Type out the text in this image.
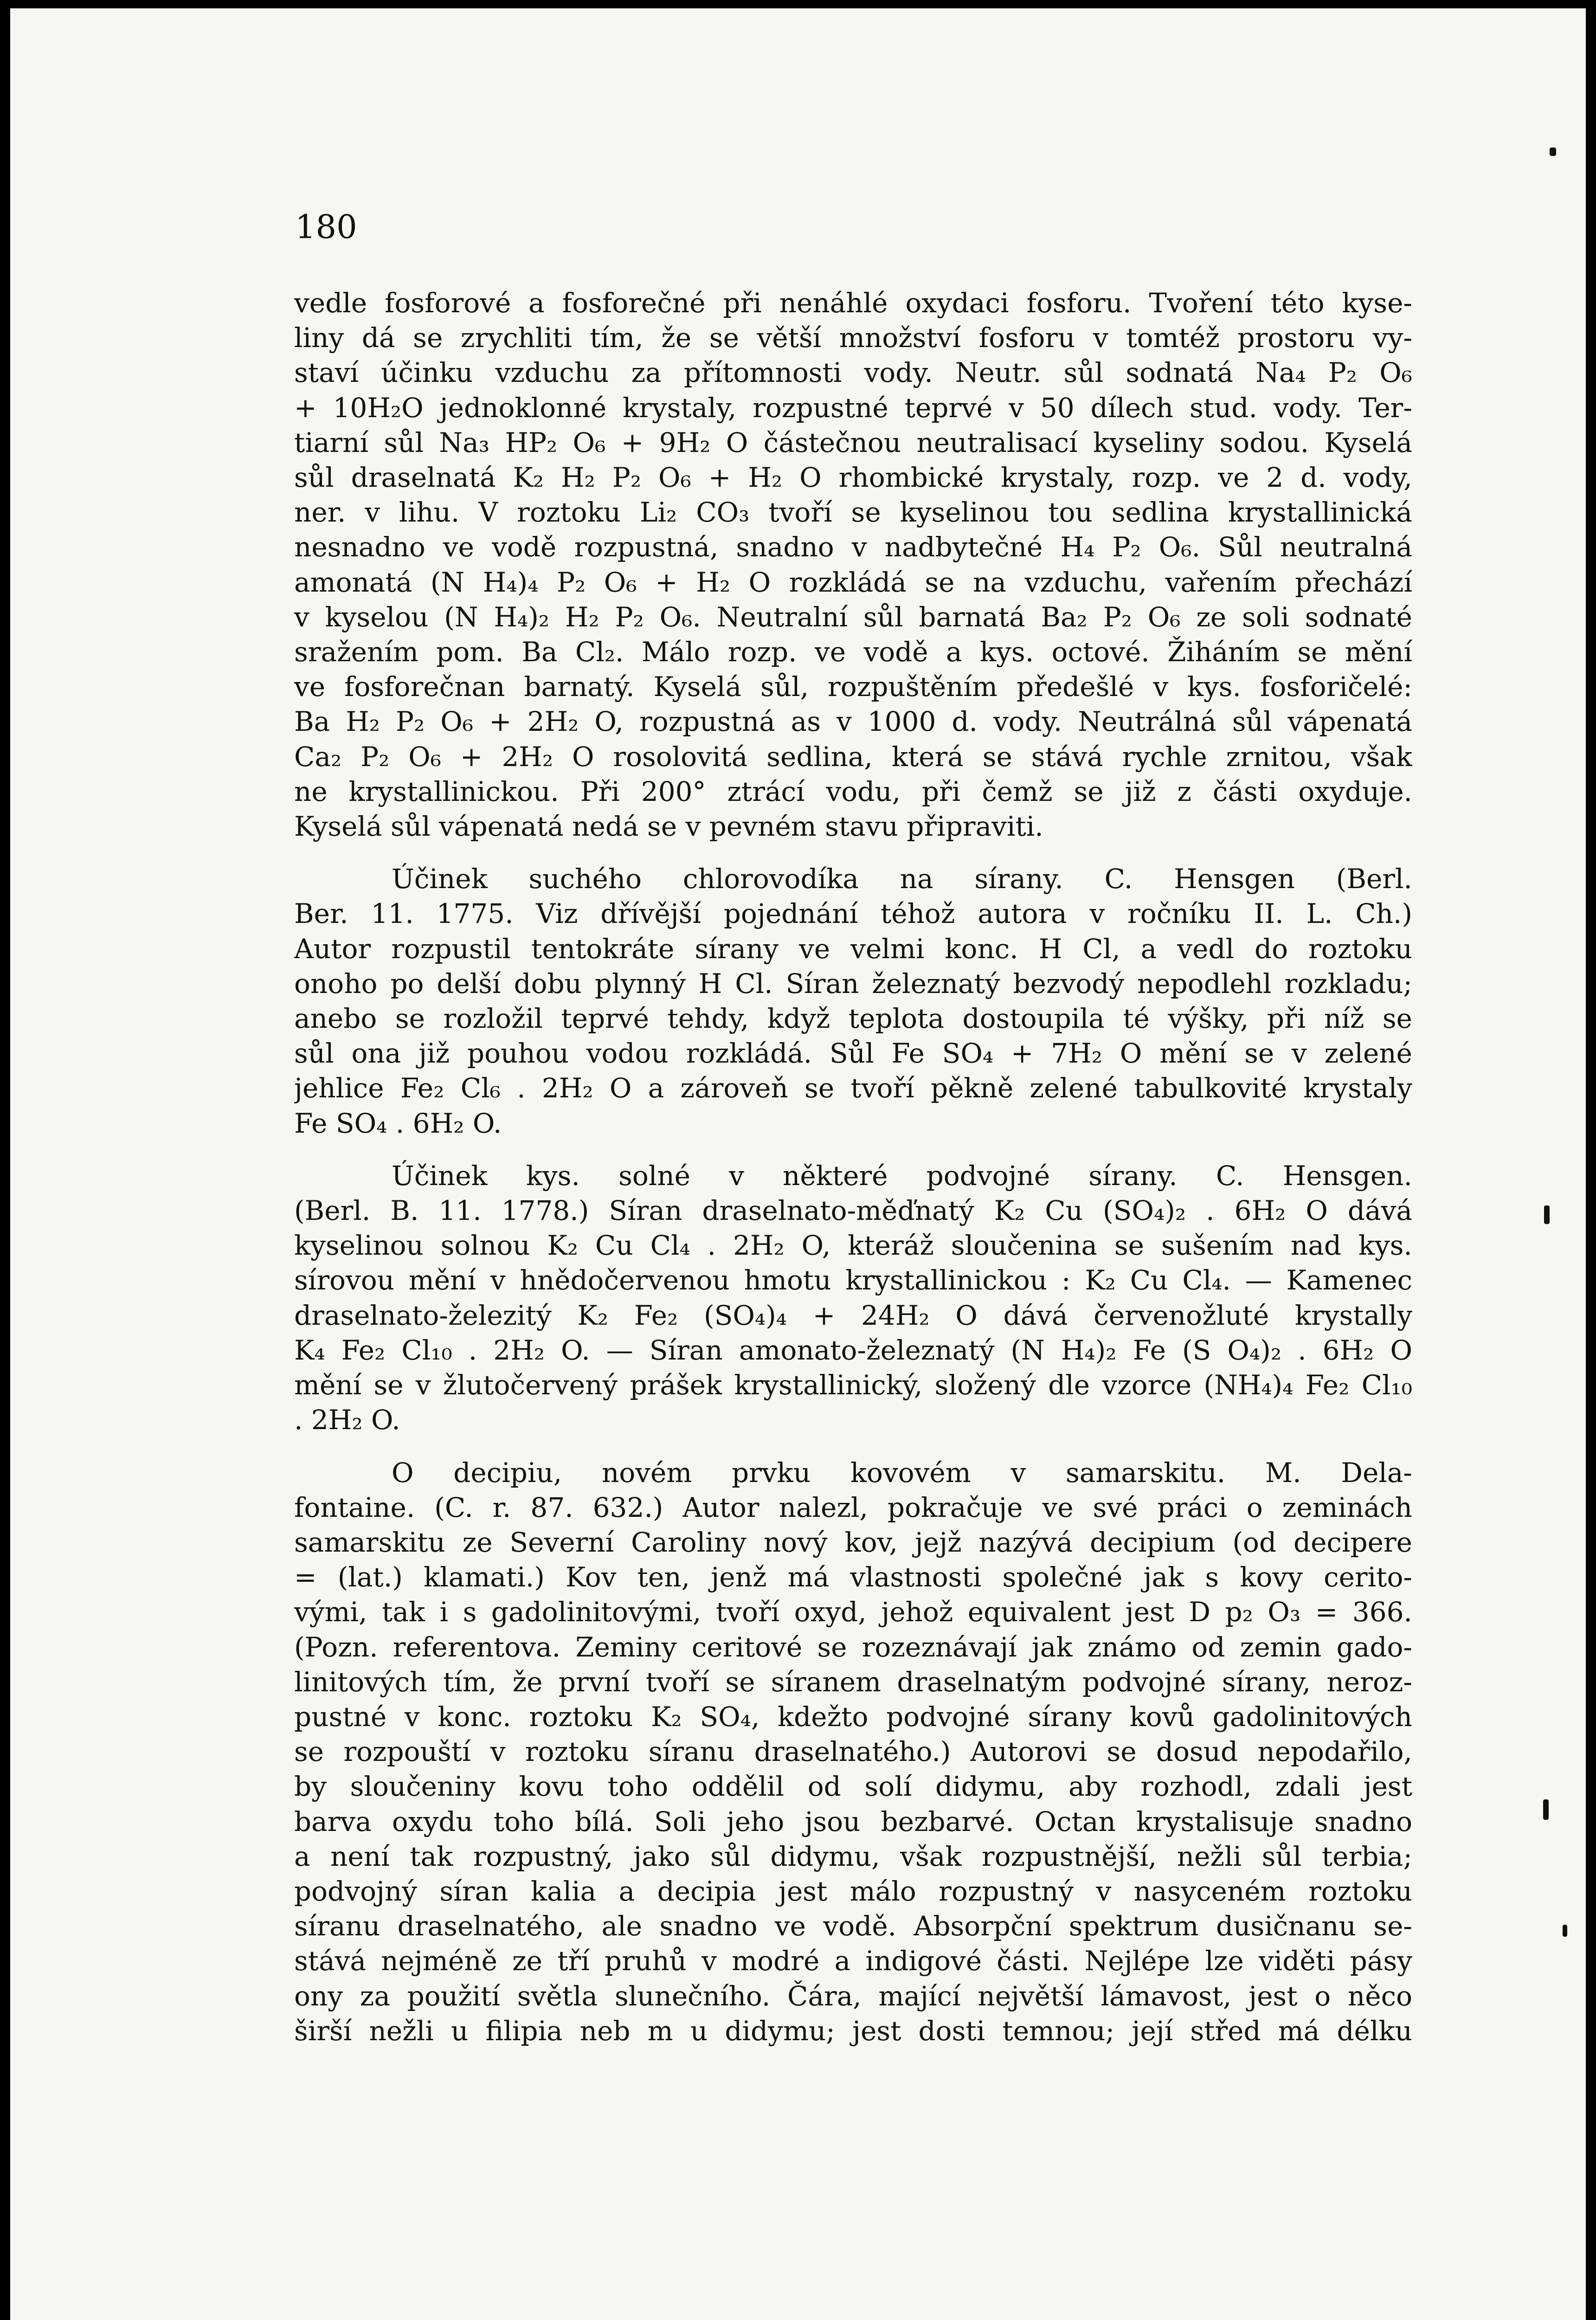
180
vedle fosforové a fosforečné při nenáhlé oxydaci fosforu. Tvoření této kyse-
liny dá se zrychliti tím, že se větší množství fosforu v tomtéž prostoru vy-
staví účinku vzduchu za přítomnosti vody. Neutr. sůl sodnatá Na₄ P₂ O₆
+ 10H₂O jednoklonné krystaly, rozpustné teprvé v 50 dílech stud. vody. Ter-
tiarní sůl Na₃ HP₂ O₆ + 9H₂ O částečnou neutralisací kyseliny sodou. Kyselá
sůl draselnatá K₂ H₂ P₂ O₆ + H₂ O rhombické krystaly, rozp. ve 2 d. vody,
ner. v lihu. V roztoku Li₂ CO₃ tvoří se kyselinou tou sedlina krystallinická
nesnadno ve vodě rozpustná, snadno v nadbytečné H₄ P₂ O₆. Sůl neutralná
amonatá (N H₄)₄ P₂ O₆ + H₂ O rozkládá se na vzduchu, vařením přechází
v kyselou (N H₄)₂ H₂ P₂ O₆. Neutralní sůl barnatá Ba₂ P₂ O₆ ze soli sodnaté
sražením pom. Ba Cl₂. Málo rozp. ve vodě a kys. octové. Žiháním se mění
ve fosforečnan barnatý. Kyselá sůl, rozpuštěním předešlé v kys. fosforičelé:
Ba H₂ P₂ O₆ + 2H₂ O, rozpustná as v 1000 d. vody. Neutrálná sůl vápenatá
Ca₂ P₂ O₆ + 2H₂ O rosolovitá sedlina, která se stává rychle zrnitou, však
ne krystallinickou. Při 200° ztrácí vodu, při čemž se již z části oxyduje.
Kyselá sůl vápenatá nedá se v pevném stavu připraviti.
Účinek suchého chlorovodíka na sírany. C. Hensgen (Berl.
Ber. 11. 1775. Viz dřívější pojednání téhož autora v ročníku II. L. Ch.)
Autor rozpustil tentokráte sírany ve velmi konc. H Cl, a vedl do roztoku
onoho po delší dobu plynný H Cl. Síran železnatý bezvodý nepodlehl rozkladu;
anebo se rozložil teprvé tehdy, když teplota dostoupila té výšky, při níž se
sůl ona již pouhou vodou rozkládá. Sůl Fe SO₄ + 7H₂ O mění se v zelené
jehlice Fe₂ Cl₆ . 2H₂ O a zároveň se tvoří pěkně zelené tabulkovité krystaly
Fe SO₄ . 6H₂ O.
Účinek kys. solné v některé podvojné sírany. C. Hensgen.
(Berl. B. 11. 1778.) Síran draselnato-měďnatý K₂ Cu (SO₄)₂ . 6H₂ O dává
kyselinou solnou K₂ Cu Cl₄ . 2H₂ O, kteráž sloučenina se sušením nad kys.
sírovou mění v hnědočervenou hmotu krystallinickou : K₂ Cu Cl₄. — Kamenec
draselnato-železitý K₂ Fe₂ (SO₄)₄ + 24H₂ O dává červenožluté krystally
K₄ Fe₂ Cl₁₀ . 2H₂ O. — Síran amonato-železnatý (N H₄)₂ Fe (S O₄)₂ . 6H₂ O
mění se v žlutočervený prášek krystallinický, složený dle vzorce (NH₄)₄ Fe₂ Cl₁₀
. 2H₂ O.
O decipiu, novém prvku kovovém v samarskitu. M. Dela-
fontaine. (C. r. 87. 632.) Autor nalezl, pokračuje ve své práci o zeminách
samarskitu ze Severní Caroliny nový kov, jejž nazývá decipium (od decipere
= (lat.) klamati.) Kov ten, jenž má vlastnosti společné jak s kovy cerito-
vými, tak i s gadolinitovými, tvoří oxyd, jehož equivalent jest D p₂ O₃ = 366.
(Pozn. referentova. Zeminy ceritové se rozeznávají jak známo od zemin gado-
linitových tím, že první tvoří se síranem draselnatým podvojné sírany, neroz-
pustné v konc. roztoku K₂ SO₄, kdežto podvojné sírany kovů gadolinitových
se rozpouští v roztoku síranu draselnatého.) Autorovi se dosud nepodařilo,
by sloučeniny kovu toho oddělil od solí didymu, aby rozhodl, zdali jest
barva oxydu toho bílá. Soli jeho jsou bezbarvé. Octan krystalisuje snadno
a není tak rozpustný, jako sůl didymu, však rozpustnější, nežli sůl terbia;
podvojný síran kalia a decipia jest málo rozpustný v nasyceném roztoku
síranu draselnatého, ale snadno ve vodě. Absorpční spektrum dusičnanu se-
stává nejméně ze tří pruhů v modré a indigové části. Nejlépe lze viděti pásy
ony za použití světla slunečního. Čára, mající největší lámavost, jest o něco
širší nežli u filipia neb m u didymu; jest dosti temnou; její střed má délku
